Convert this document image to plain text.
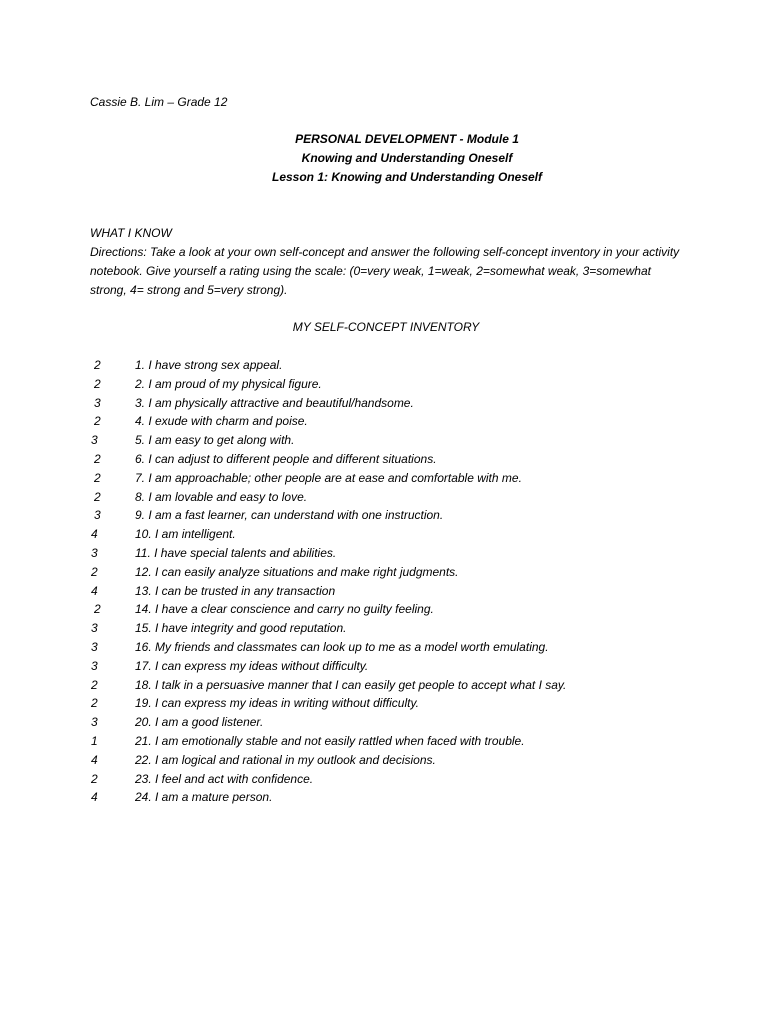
Cassie B. Lim – Grade 12
PERSONAL DEVELOPMENT - Module 1
Knowing and Understanding Oneself
Lesson 1: Knowing and Understanding Oneself
WHAT I KNOW
Directions: Take a look at your own self-concept and answer the following self-concept inventory in your activity notebook. Give yourself a rating using the scale: (0=very weak, 1=weak, 2=somewhat weak, 3=somewhat strong, 4= strong and 5=very strong).
MY SELF-CONCEPT INVENTORY
2	1. I have strong sex appeal.
2	2. I am proud of my physical figure.
3	3. I am physically attractive and beautiful/handsome.
2	4. I exude with charm and poise.
3	5. I am easy to get along with.
2	6. I can adjust to different people and different situations.
2	7. I am approachable; other people are at ease and comfortable with me.
2	8. I am lovable and easy to love.
3	9. I am a fast learner, can understand with one instruction.
4	10. I am intelligent.
3	11. I have special talents and abilities.
2	12. I can easily analyze situations and make right judgments.
4	13. I can be trusted in any transaction
2	14. I have a clear conscience and carry no guilty feeling.
3	15. I have integrity and good reputation.
3	16. My friends and classmates can look up to me as a model worth emulating.
3	17. I can express my ideas without difficulty.
2	18. I talk in a persuasive manner that I can easily get people to accept what I say.
2	19. I can express my ideas in writing without difficulty.
3	20. I am a good listener.
1	21. I am emotionally stable and not easily rattled when faced with trouble.
4	22. I am logical and rational in my outlook and decisions.
2	23. I feel and act with confidence.
4	24. I am a mature person.
